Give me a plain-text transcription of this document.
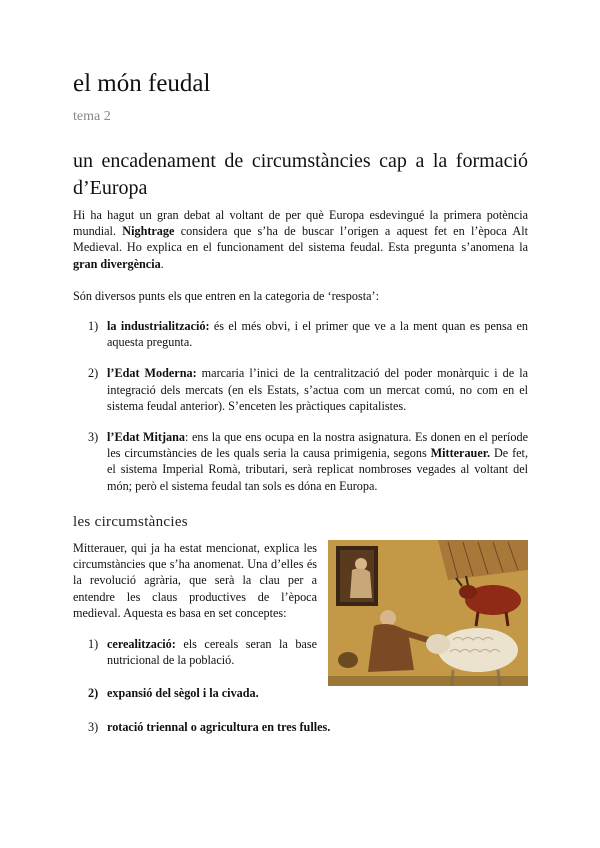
el món feudal
tema 2
un encadenament de circumstàncies cap a la formació d’Europa

Hi ha hagut un gran debat al voltant de per què Europa esdevingué la primera potència mundial. Nightrage considera que s’ha de buscar l’origen a aquest fet en l’època Alt Medieval. Ho explica en el funcionament del sistema feudal. Esta pregunta s’anomena la gran divergència.

Són diversos punts els que entren en la categoria de ‘resposta’:

1) la industrialització: és el més obvi, i el primer que ve a la ment quan es pensa en aquesta pregunta.
2) l’Edat Moderna: marcaria l’inici de la centralització del poder monàrquic i de la integració dels mercats (en els Estats, s’actua com un mercat comú, no com en el sistema feudal anterior). S’enceten les pràctiques capitalistes.
3) l’Edat Mitjana: ens la que ens ocupa en la nostra asignatura. Es donen en el període les circumstàncies de les quals seria la causa primigenia, segons Mitterauer. De fet, el sistema Imperial Romà, tributari, serà replicat nombroses vegades al voltant del món; però el sistema feudal tan sols es dóna en Europa.
les circumstàncies

Mitterauer, qui ja ha estat mencionat, explica les circumstàncies que s’ha anomenat. Una d’elles és la revolució agrària, que serà la clau per a entendre les claus productives de l’època medieval. Aquesta es basa en set conceptes:

1) cerealització: els cereals seran la base nutricional de la població.
2) expansió del sègol i la civada.
3) rotació triennal o agricultura en tres fulles.
